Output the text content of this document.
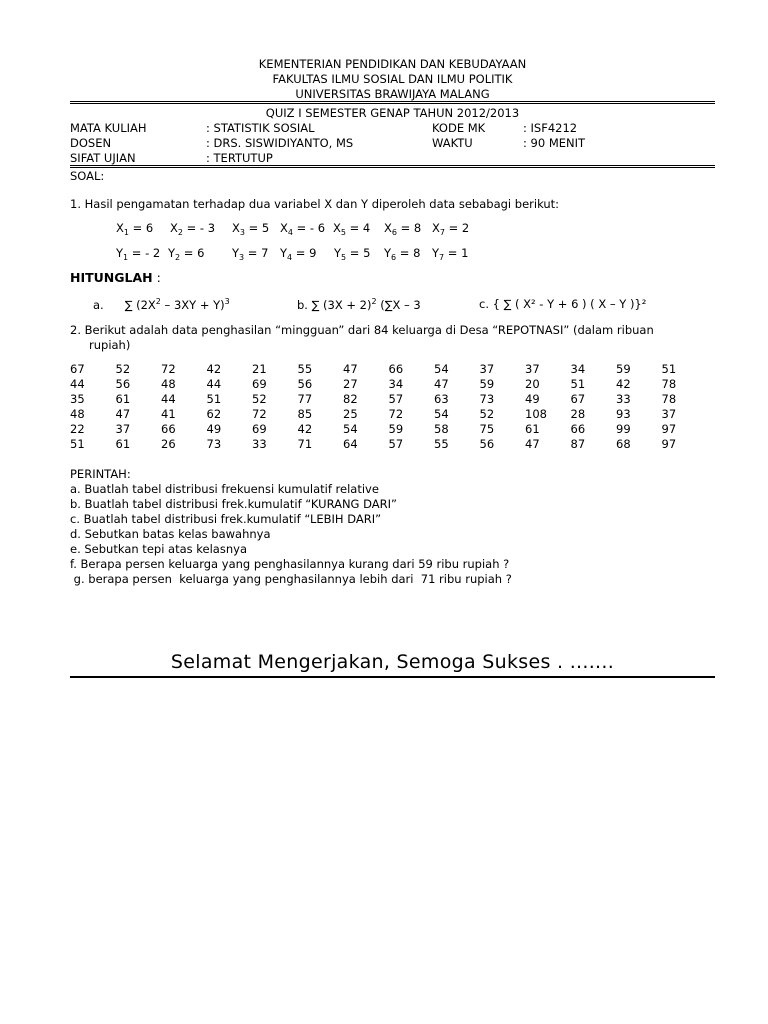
KEMENTERIAN PENDIDIKAN DAN KEBUDAYAAN
FAKULTAS ILMU SOSIAL DAN ILMU POLITIK
UNIVERSITAS BRAWIJAYA MALANG
QUIZ I SEMESTER GENAP TAHUN 2012/2013
MATA KULIAH	: STATISTIK SOSIAL	KODE MK	: ISF4212
DOSEN	: DRS. SISWIDIYANTO, MS	WAKTU	: 90 MENIT
SIFAT UJIAN	: TERTUTUP
SOAL:
1. Hasil pengamatan terhadap dua variabel X dan Y diperoleh data sebabagi berikut:
$X_1 = 6$ $X_2$ = - 3 $X_3 = 5$ $X_4$ = - 6 $X_5 = 4$ $X_6 = 8$ $X_7 = 2$
$Y_1$ = - 2 $Y_2 = 6$ $Y_3 = 7$ $Y_4 = 9$ $Y_5 = 5$ $Y_6 = 8$ $Y_7 = 1$
HITUNGLAH :
a. ∑ $(2X^2 - 3XY + Y)^3$	b. ∑ $(3X + 2)^2$ (∑X – 3	c. { ∑ ( X² - Y + 6 ) ( X – Y )}²
2. Berikut adalah data penghasilan “mingguan” dari 84 keluarga di Desa “REPOTNASI” (dalam ribuan
rupiah)
67	52	72	42	21	55	47	66	54	37	37	34	59	51
44	56	48	44	69	56	27	34	47	59	20	51	42	78
35	61	44	51	52	77	82	57	63	73	49	67	33	78
48	47	41	62	72	85	25	72	54	52	108	28	93	37
22	37	66	49	69	42	54	59	58	75	61	66	99	97
51	61	26	73	33	71	64	57	55	56	47	87	68	97
PERINTAH:
a. Buatlah tabel distribusi frekuensi kumulatif relative
b. Buatlah tabel distribusi frek.kumulatif “KURANG DARI”
c. Buatlah tabel distribusi frek.kumulatif “LEBIH DARI”
d. Sebutkan batas kelas bawahnya
e. Sebutkan tepi atas kelasnya
f. Berapa persen keluarga yang penghasilannya kurang dari 59 ribu rupiah ?
g. berapa persen  keluarga yang penghasilannya lebih dari  71 ribu rupiah ?
Selamat Mengerjakan, Semoga Sukses . .......
